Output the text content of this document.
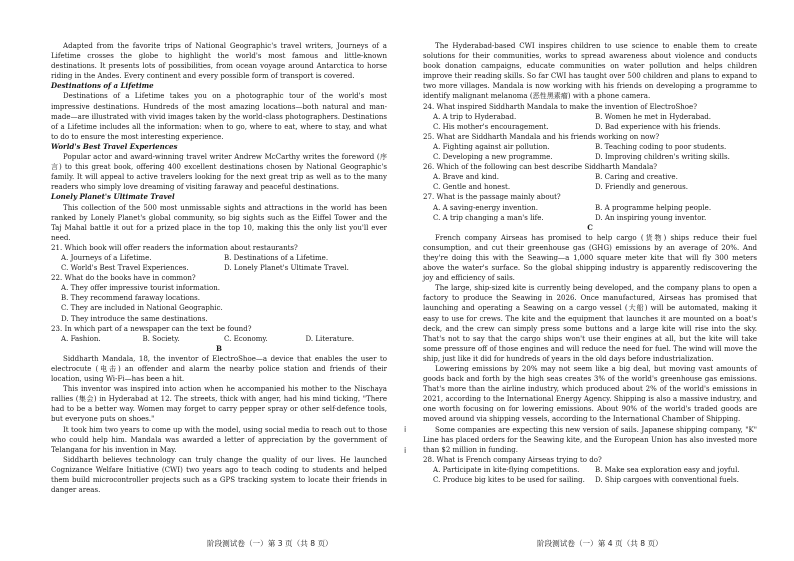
Adapted from the favorite trips of National Geographic's travel writers, Journeys of a Lifetime crosses the globe to highlight the world's most famous and little-known destinations. It presents lots of possibilities, from ocean voyage around Antarctica to horse riding in the Andes. Every continent and every possible form of transport is covered.

Destinations of a Lifetime

Destinations of a Lifetime takes you on a photographic tour of the world's most impressive destinations. Hundreds of the most amazing locations—both natural and man-made—are illustrated with vivid images taken by the world-class photographers. Destinations of a Lifetime includes all the information: when to go, where to eat, where to stay, and what to do to ensure the most interesting experience.

World's Best Travel Experiences

Popular actor and award-winning travel writer Andrew McCarthy writes the foreword (序言) to this great book, offering 400 excellent destinations chosen by National Geographic's family. It will appeal to active travelers looking for the next great trip as well as to the many readers who simply love dreaming of visiting faraway and peaceful destinations.

Lonely Planet's Ultimate Travel

This collection of the 500 most unmissable sights and attractions in the world has been ranked by Lonely Planet's global community, so big sights such as the Eiffel Tower and the Taj Mahal battle it out for a prized place in the top 10, making this the only list you'll ever need.

21. Which book will offer readers the information about restaurants?

A. Journeys of a Lifetime.	B. Destinations of a Lifetime.
C. World's Best Travel Experiences.	D. Lonely Planet's Ultimate Travel.

22. What do the books have in common?

A. They offer impressive tourist information.
B. They recommend faraway locations.
C. They are included in National Geographic.
D. They introduce the same destinations.

23. In which part of a newspaper can the text be found?

A. Fashion.	B. Society.	C. Economy.	D. Literature.

B

Siddharth Mandala, 18, the inventor of ElectroShoe—a device that enables the user to electrocute (电击) an offender and alarm the nearby police station and friends of their location, using Wi-Fi—has been a hit.

This inventor was inspired into action when he accompanied his mother to the Nischaya rallies (集会) in Hyderabad at 12. The streets, thick with anger, had his mind ticking, "There had to be a better way. Women may forget to carry pepper spray or other self-defence tools, but everyone puts on shoes."

It took him two years to come up with the model, using social media to reach out to those who could help him. Mandala was awarded a letter of appreciation by the government of Telangana for his invention in May.

Siddharth believes technology can truly change the quality of our lives. He launched Cognizance Welfare Initiative (CWI) two years ago to teach coding to students and helped them build microcontroller projects such as a GPS tracking system to locate their friends in danger areas.

i
i

The Hyderabad-based CWI inspires children to use science to enable them to create solutions for their communities, works to spread awareness about violence and conducts book donation campaigns, educate communities on water pollution and helps children improve their reading skills. So far CWI has taught over 500 children and plans to expand to two more villages. Mandala is now working with his friends on developing a programme to identify malignant melanoma (恶性黑素瘤) with a phone camera.

24. What inspired Siddharth Mandala to make the invention of ElectroShoe?

A. A trip to Hyderabad.	B. Women he met in Hyderabad.
C. His mother's encouragement.	D. Bad experience with his friends.

25. What are Siddharth Mandala and his friends working on now?

A. Fighting against air pollution.	B. Teaching coding to poor students.
C. Developing a new programme.	D. Improving children's writing skills.

26. Which of the following can best describe Siddharth Mandala?

A. Brave and kind.	B. Caring and creative.
C. Gentle and honest.	D. Friendly and generous.

27. What is the passage mainly about?

A. A saving-energy invention.	B. A programme helping people.
C. A trip changing a man's life.	D. An inspiring young inventor.

C

French company Airseas has promised to help cargo (货物) ships reduce their fuel consumption, and cut their greenhouse gas (GHG) emissions by an average of 20%. And they're doing this with the Seawing—a 1,000 square meter kite that will fly 300 meters above the water's surface. So the global shipping industry is apparently rediscovering the joy and efficiency of sails.

The large, ship-sized kite is currently being developed, and the company plans to open a factory to produce the Seawing in 2026. Once manufactured, Airseas has promised that launching and operating a Seawing on a cargo vessel (大船) will be automated, making it easy to use for crews. The kite and the equipment that launches it are mounted on a boat's deck, and the crew can simply press some buttons and a large kite will rise into the sky. That's not to say that the cargo ships won't use their engines at all, but the kite will take some pressure off of those engines and will reduce the need for fuel. The wind will move the ship, just like it did for hundreds of years in the old days before industrialization.

Lowering emissions by 20% may not seem like a big deal, but moving vast amounts of goods back and forth by the high seas creates 3% of the world's greenhouse gas emissions. That's more than the airline industry, which produced about 2% of the world's emissions in 2021, according to the International Energy Agency. Shipping is also a massive industry, and one worth focusing on for lowering emissions. About 90% of the world's traded goods are moved around via shipping vessels, according to the International Chamber of Shipping.

Some companies are expecting this new version of sails. Japanese shipping company, "K" Line has placed orders for the Seawing kite, and the European Union has also invested more than $2 million in funding.

28. What is French company Airseas trying to do?

A. Participate in kite-flying competitions.	B. Make sea exploration easy and joyful.
C. Produce big kites to be used for sailing.	D. Ship cargoes with conventional fuels.
阶段测试卷（一）第 3 页（共 8 页）	阶段测试卷（一）第 4 页（共 8 页）
